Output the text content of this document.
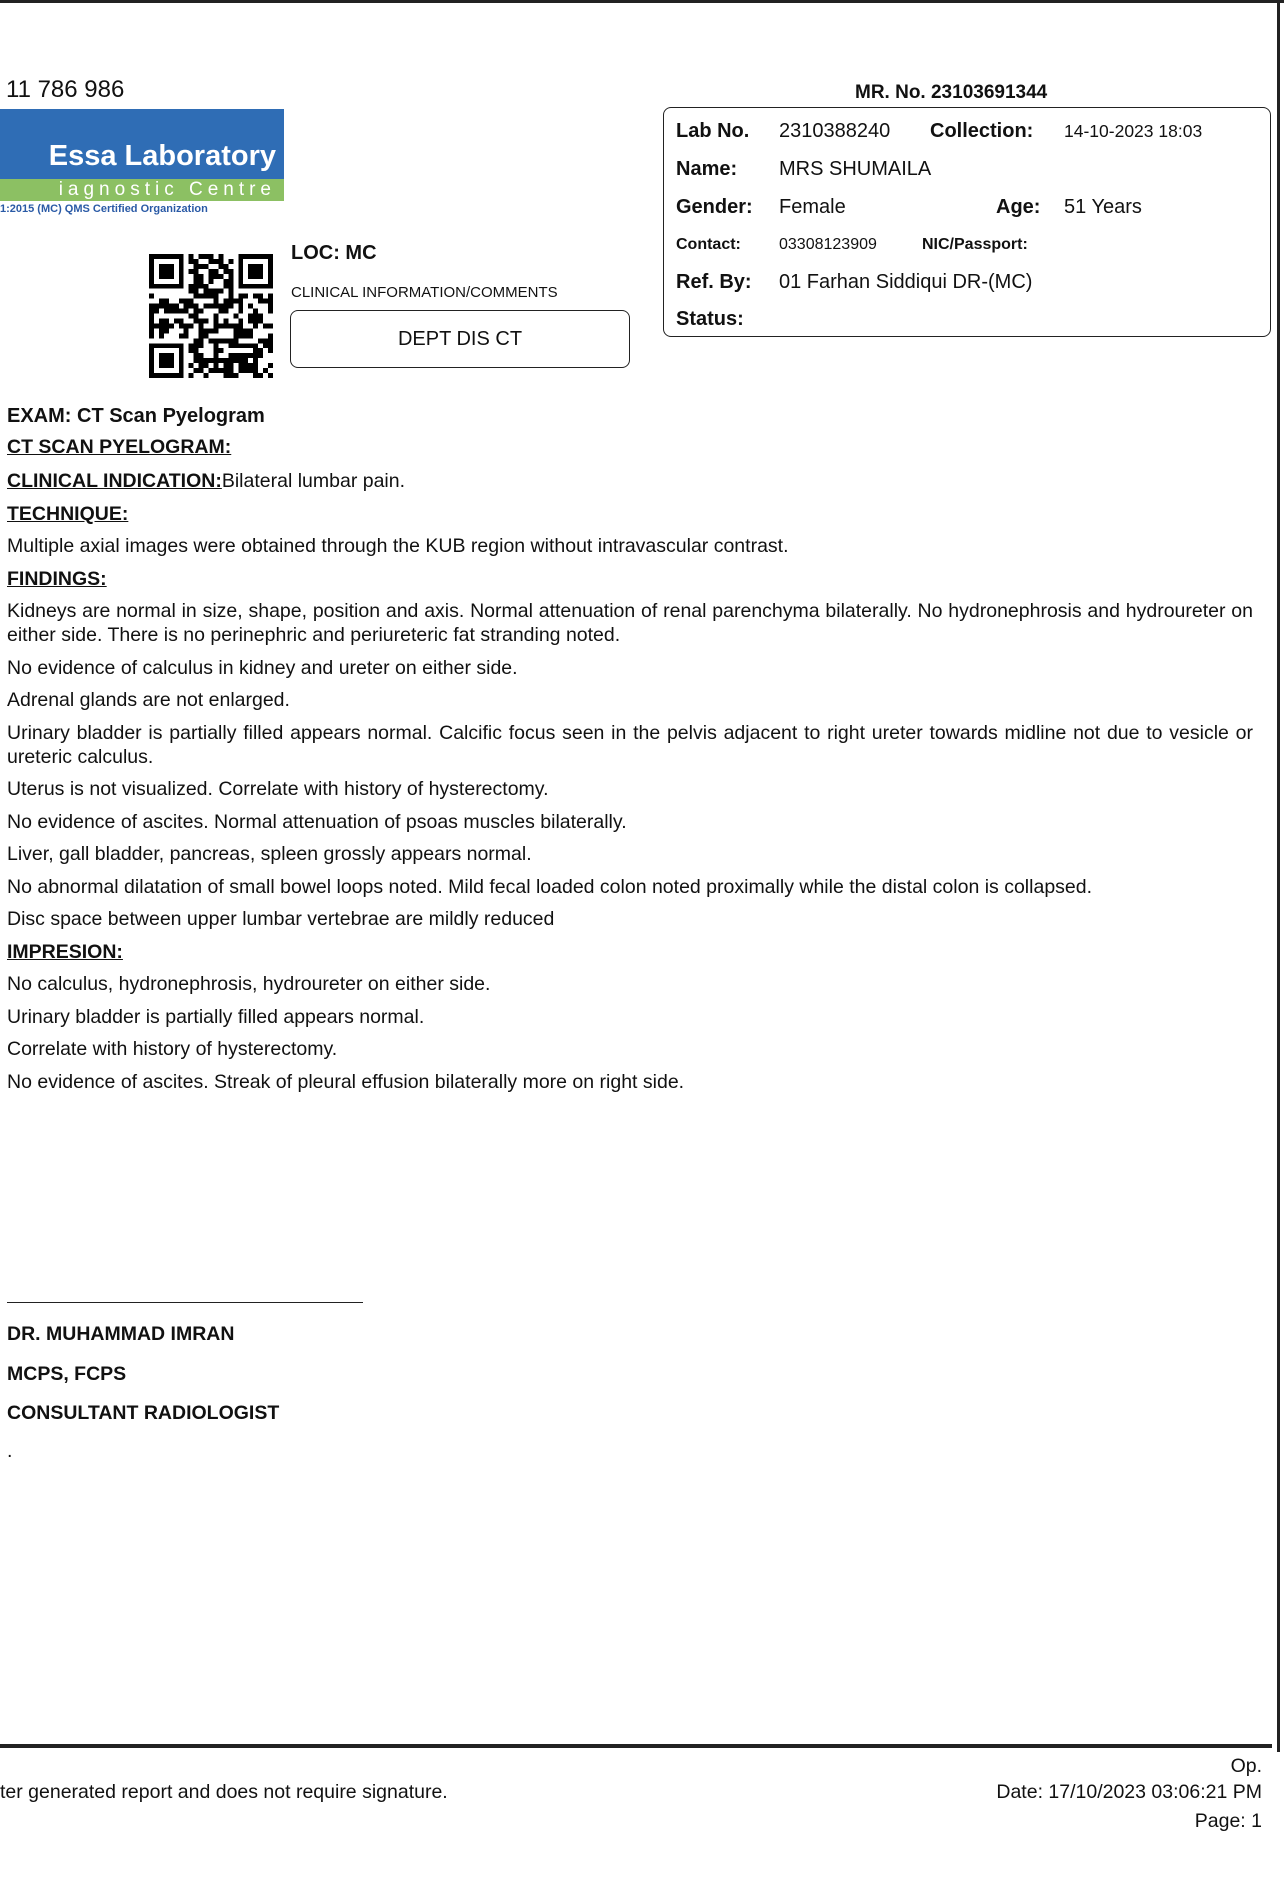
11 786 986
Essa Laboratory
iagnostic Centre
1:2015 (MC) QMS Certified Organization
LOC: MC
CLINICAL INFORMATION/COMMENTS
DEPT DIS CT
MR. No. 23103691344
Lab No.	2310388240	Collection:	14-10-2023 18:03
Name:	MRS SHUMAILA
Gender:	Female	Age:	51 Years
Contact:	03308123909	NIC/Passport:
Ref. By:	01 Farhan Siddiqui DR-(MC)
Status:
EXAM: CT Scan Pyelogram

CT SCAN PYELOGRAM:

CLINICAL INDICATION:Bilateral lumbar pain.

TECHNIQUE:

Multiple axial images were obtained through the KUB region without intravascular contrast.

FINDINGS:

Kidneys are normal in size, shape, position and axis. Normal attenuation of renal parenchyma bilaterally. No hydronephrosis and hydroureter on either side. There is no perinephric and periureteric fat stranding noted.

No evidence of calculus in kidney and ureter on either side.

Adrenal glands are not enlarged.

Urinary bladder is partially filled appears normal. Calcific focus seen in the pelvis adjacent to right ureter towards midline not due to vesicle or ureteric calculus.

Uterus is not visualized. Correlate with history of hysterectomy.

No evidence of ascites. Normal attenuation of psoas muscles bilaterally.

Liver, gall bladder, pancreas, spleen grossly appears normal.

No abnormal dilatation of small bowel loops noted. Mild fecal loaded colon noted proximally while the distal colon is collapsed.

Disc space between upper lumbar vertebrae are mildly reduced

IMPRESION:

No calculus, hydronephrosis, hydroureter on either side.

Urinary bladder is partially filled appears normal.

Correlate with history of hysterectomy.

No evidence of ascites. Streak of pleural effusion bilaterally more on right side.

DR. MUHAMMAD IMRAN
MCPS, FCPS
CONSULTANT RADIOLOGIST
.
ter generated report and does not require signature.
Op.
Date: 17/10/2023 03:06:21 PM
Page: 1
